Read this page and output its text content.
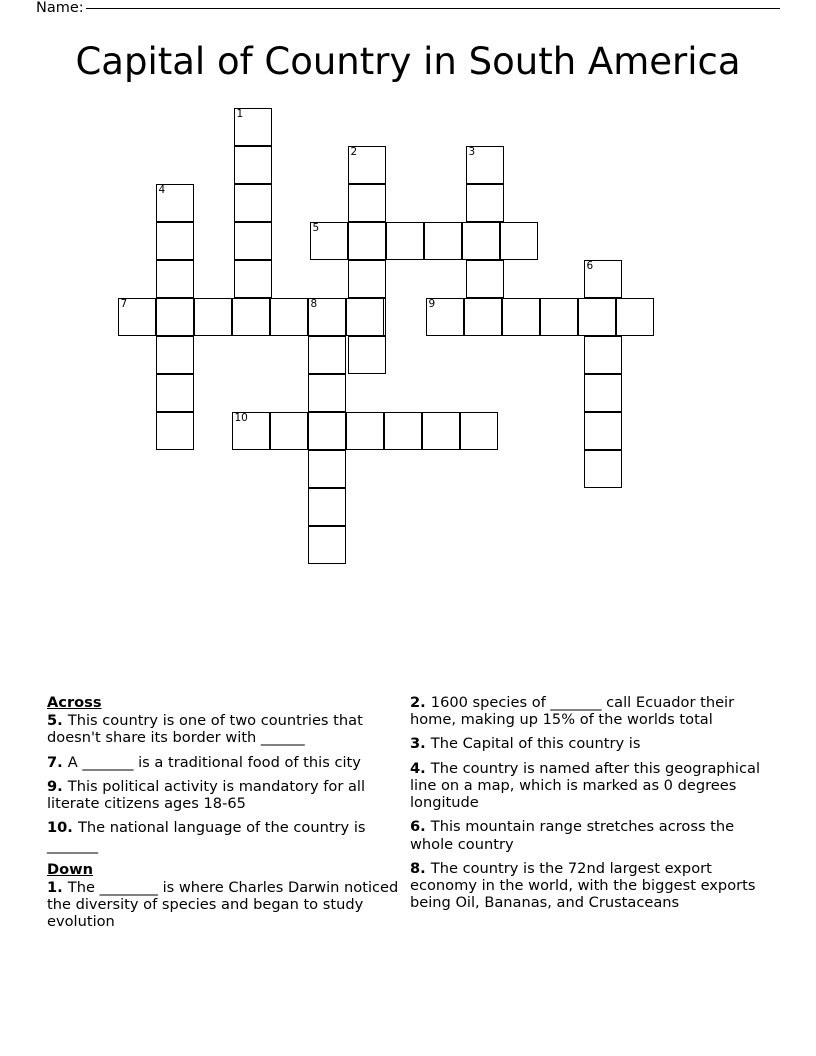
Name:
Capital of Country in South America
1
2	3
4
5
6
7	8	9
10
Across
5. This country is one of two countries that doesn't share its border with ______
7. A _______ is a traditional food of this city
9. This political activity is mandatory for all literate citizens ages 18-65
10. The national language of the country is _______
Down
1. The ________ is where Charles Darwin noticed the diversity of species and began to study evolution
2. 1600 species of _______ call Ecuador their home, making up 15% of the worlds total
3. The Capital of this country is
4. The country is named after this geographical line on a map, which is marked as 0 degrees longitude
6. This mountain range stretches across the whole country
8. The country is the 72nd largest export economy in the world, with the biggest exports being Oil, Bananas, and Crustaceans
